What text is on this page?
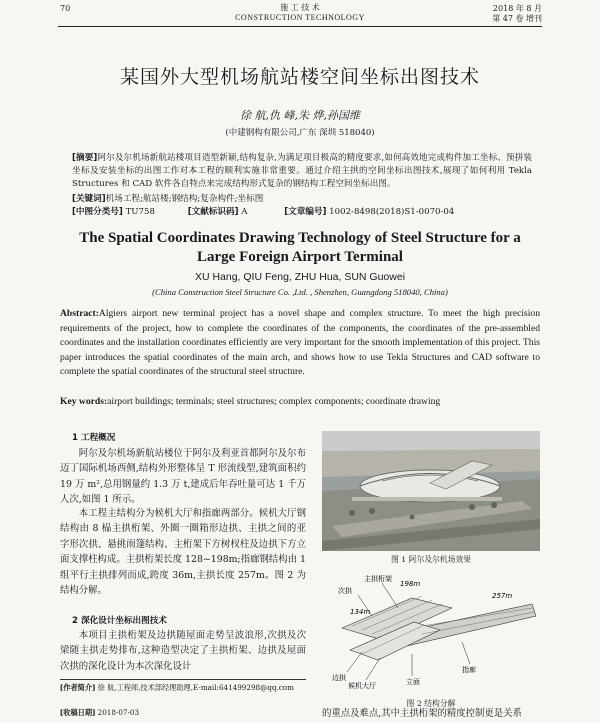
70	施 工 技 术
CONSTRUCTION TECHNOLOGY
2018 年 8 月
第 47 卷 增刊
某国外大型机场航站楼空间坐标出图技术
徐 航,仇 峰,朱 烨,孙国维
(中建钢构有限公司,广东 深圳 518040)
[摘要]阿尔及尔机场新航站楼项目造型新颖,结构复杂,为满足项目极高的精度要求,如何高效地完成构件加工坐标、预拼装坐标及安装坐标的出图工作对本工程的顺利实施非常重要。通过介绍主拱的空间坐标出图技术,展现了如何利用 Tekla Structures 和 CAD 软件各自特点来完成结构形式复杂的钢结构工程空间坐标出图。
[关键词]机场工程;航站楼;钢结构;复杂构件;坐标图
[中图分类号] TU758	[文献标识码] A	[文章编号] 1002-8498(2018)S1-0070-04
The Spatial Coordinates Drawing Technology of Steel Structure for a Large Foreign Airport Terminal
XU Hang, QIU Feng, ZHU Hua, SUN Guowei
(China Construction Steel Structure Co. ,Ltd. , Shenzhen, Guangdong 518040, China)
Abstract:Algiers airport new terminal project has a novel shape and complex structure. To meet the high precision requirements of the project, how to complete the coordinates of the components, the coordinates of the pre-assembled coordinates and the installation coordinates efficiently are very important for the smooth implementation of this project. This paper introduces the spatial coordinates of the main arch, and shows how to use Tekla Structures and CAD software to complete the spatial coordinates of the structural steel structure.
Key words:airport buildings; terminals; steel structures; complex components; coordinate drawing
1 工程概况
阿尔及尔机场新航站楼位于阿尔及利亚首都阿尔及尔布迈丁国际机场西侧,结构外形整体呈 T 形流线型,建筑面积约 19 万 m²,总用钢量约 1.3 万 t,建成后年吞吐量可达 1 千万人次,如图 1 所示。
本工程主结构分为候机大厅和指廊两部分。候机大厅钢结构由 8 榀主拱桁架、外圈一圈箱形边拱、主拱之间的亚字形次拱、悬挑雨篷结构、主桁架下方树杈柱及边拱下方立面支撑柱构成。主拱桁架长度 128~198m;指廊钢结构由 1 组平行主拱排列而成,跨度 36m,主拱长度 257m。图 2 为结构分解。
2 深化设计坐标出图技术
本项目主拱桁架及边拱随屋面走势呈波浪形,次拱及次梁随主拱走势排布,这种造型决定了主拱桁架、边拱及屋面次拱的深化设计为本次深化设计
[作者简介] 徐 航,工程师,技术部经理助理,E-mail:641499298@qq.com
[收稿日期] 2018-07-03
图 1 阿尔及尔机场效果
主拱桁架
次拱
198m
134m
257m
边拱
候机大厅	立面
指廊
图 2 结构分解
的重点及难点,其中主拱桁架的精度控制更是关系
